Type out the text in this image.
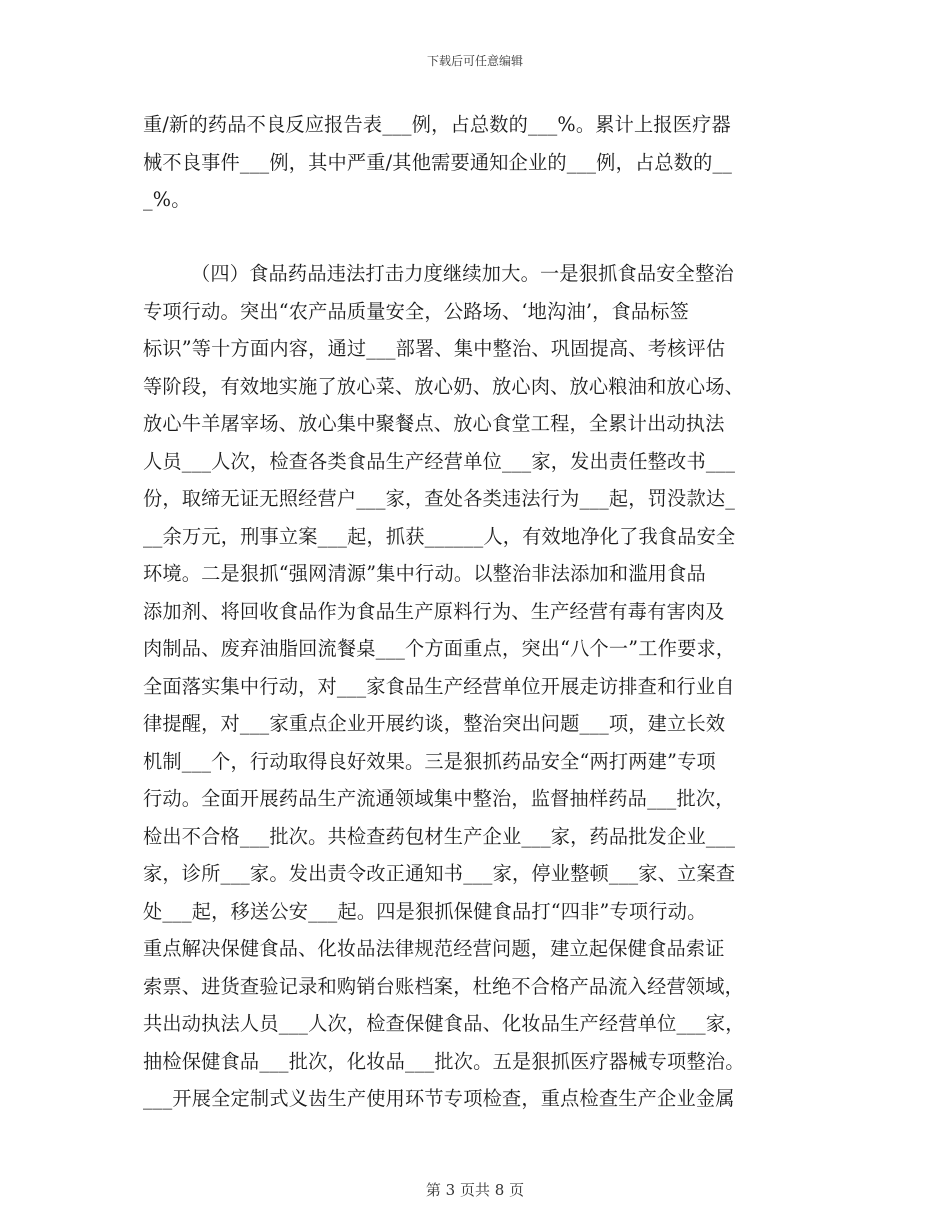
下载后可任意编辑
重/新的药品不良反应报告表___例，占总数的___%。累计上报医疗器
械不良事件___例，其中严重/其他需要通知企业的___例，占总数的__
_%。
（四）食品药品违法打击力度继续加大。一是狠抓食品安全整治
专项行动。突出“农产品质量安全，公路场、‘地沟油’，食品标签
标识”等十方面内容，通过___部署、集中整治、巩固提高、考核评估
等阶段，有效地实施了放心菜、放心奶、放心肉、放心粮油和放心场、
放心牛羊屠宰场、放心集中聚餐点、放心食堂工程，全累计出动执法
人员___人次，检查各类食品生产经营单位___家，发出责任整改书___
份，取缔无证无照经营户___家，查处各类违法行为___起，罚没款达_
__余万元，刑事立案___起，抓获______人，有效地净化了我食品安全
环境。二是狠抓“强网清源”集中行动。以整治非法添加和滥用食品
添加剂、将回收食品作为食品生产原料行为、生产经营有毒有害肉及
肉制品、废弃油脂回流餐桌___个方面重点，突出“八个一”工作要求，
全面落实集中行动，对___家食品生产经营单位开展走访排查和行业自
律提醒，对___家重点企业开展约谈，整治突出问题___项，建立长效
机制___个，行动取得良好效果。三是狠抓药品安全“两打两建”专项
行动。全面开展药品生产流通领域集中整治，监督抽样药品___批次，
检出不合格___批次。共检查药包材生产企业___家，药品批发企业___
家，诊所___家。发出责令改正通知书___家，停业整顿___家、立案查
处___起，移送公安___起。四是狠抓保健食品打“四非”专项行动。
重点解决保健食品、化妆品法律规范经营问题，建立起保健食品索证
索票、进货查验记录和购销台账档案，杜绝不合格产品流入经营领域，
共出动执法人员___人次，检查保健食品、化妆品生产经营单位___家，
抽检保健食品___批次，化妆品___批次。五是狠抓医疗器械专项整治。
___开展全定制式义齿生产使用环节专项检查，重点检查生产企业金属
第 3 页共 8 页
